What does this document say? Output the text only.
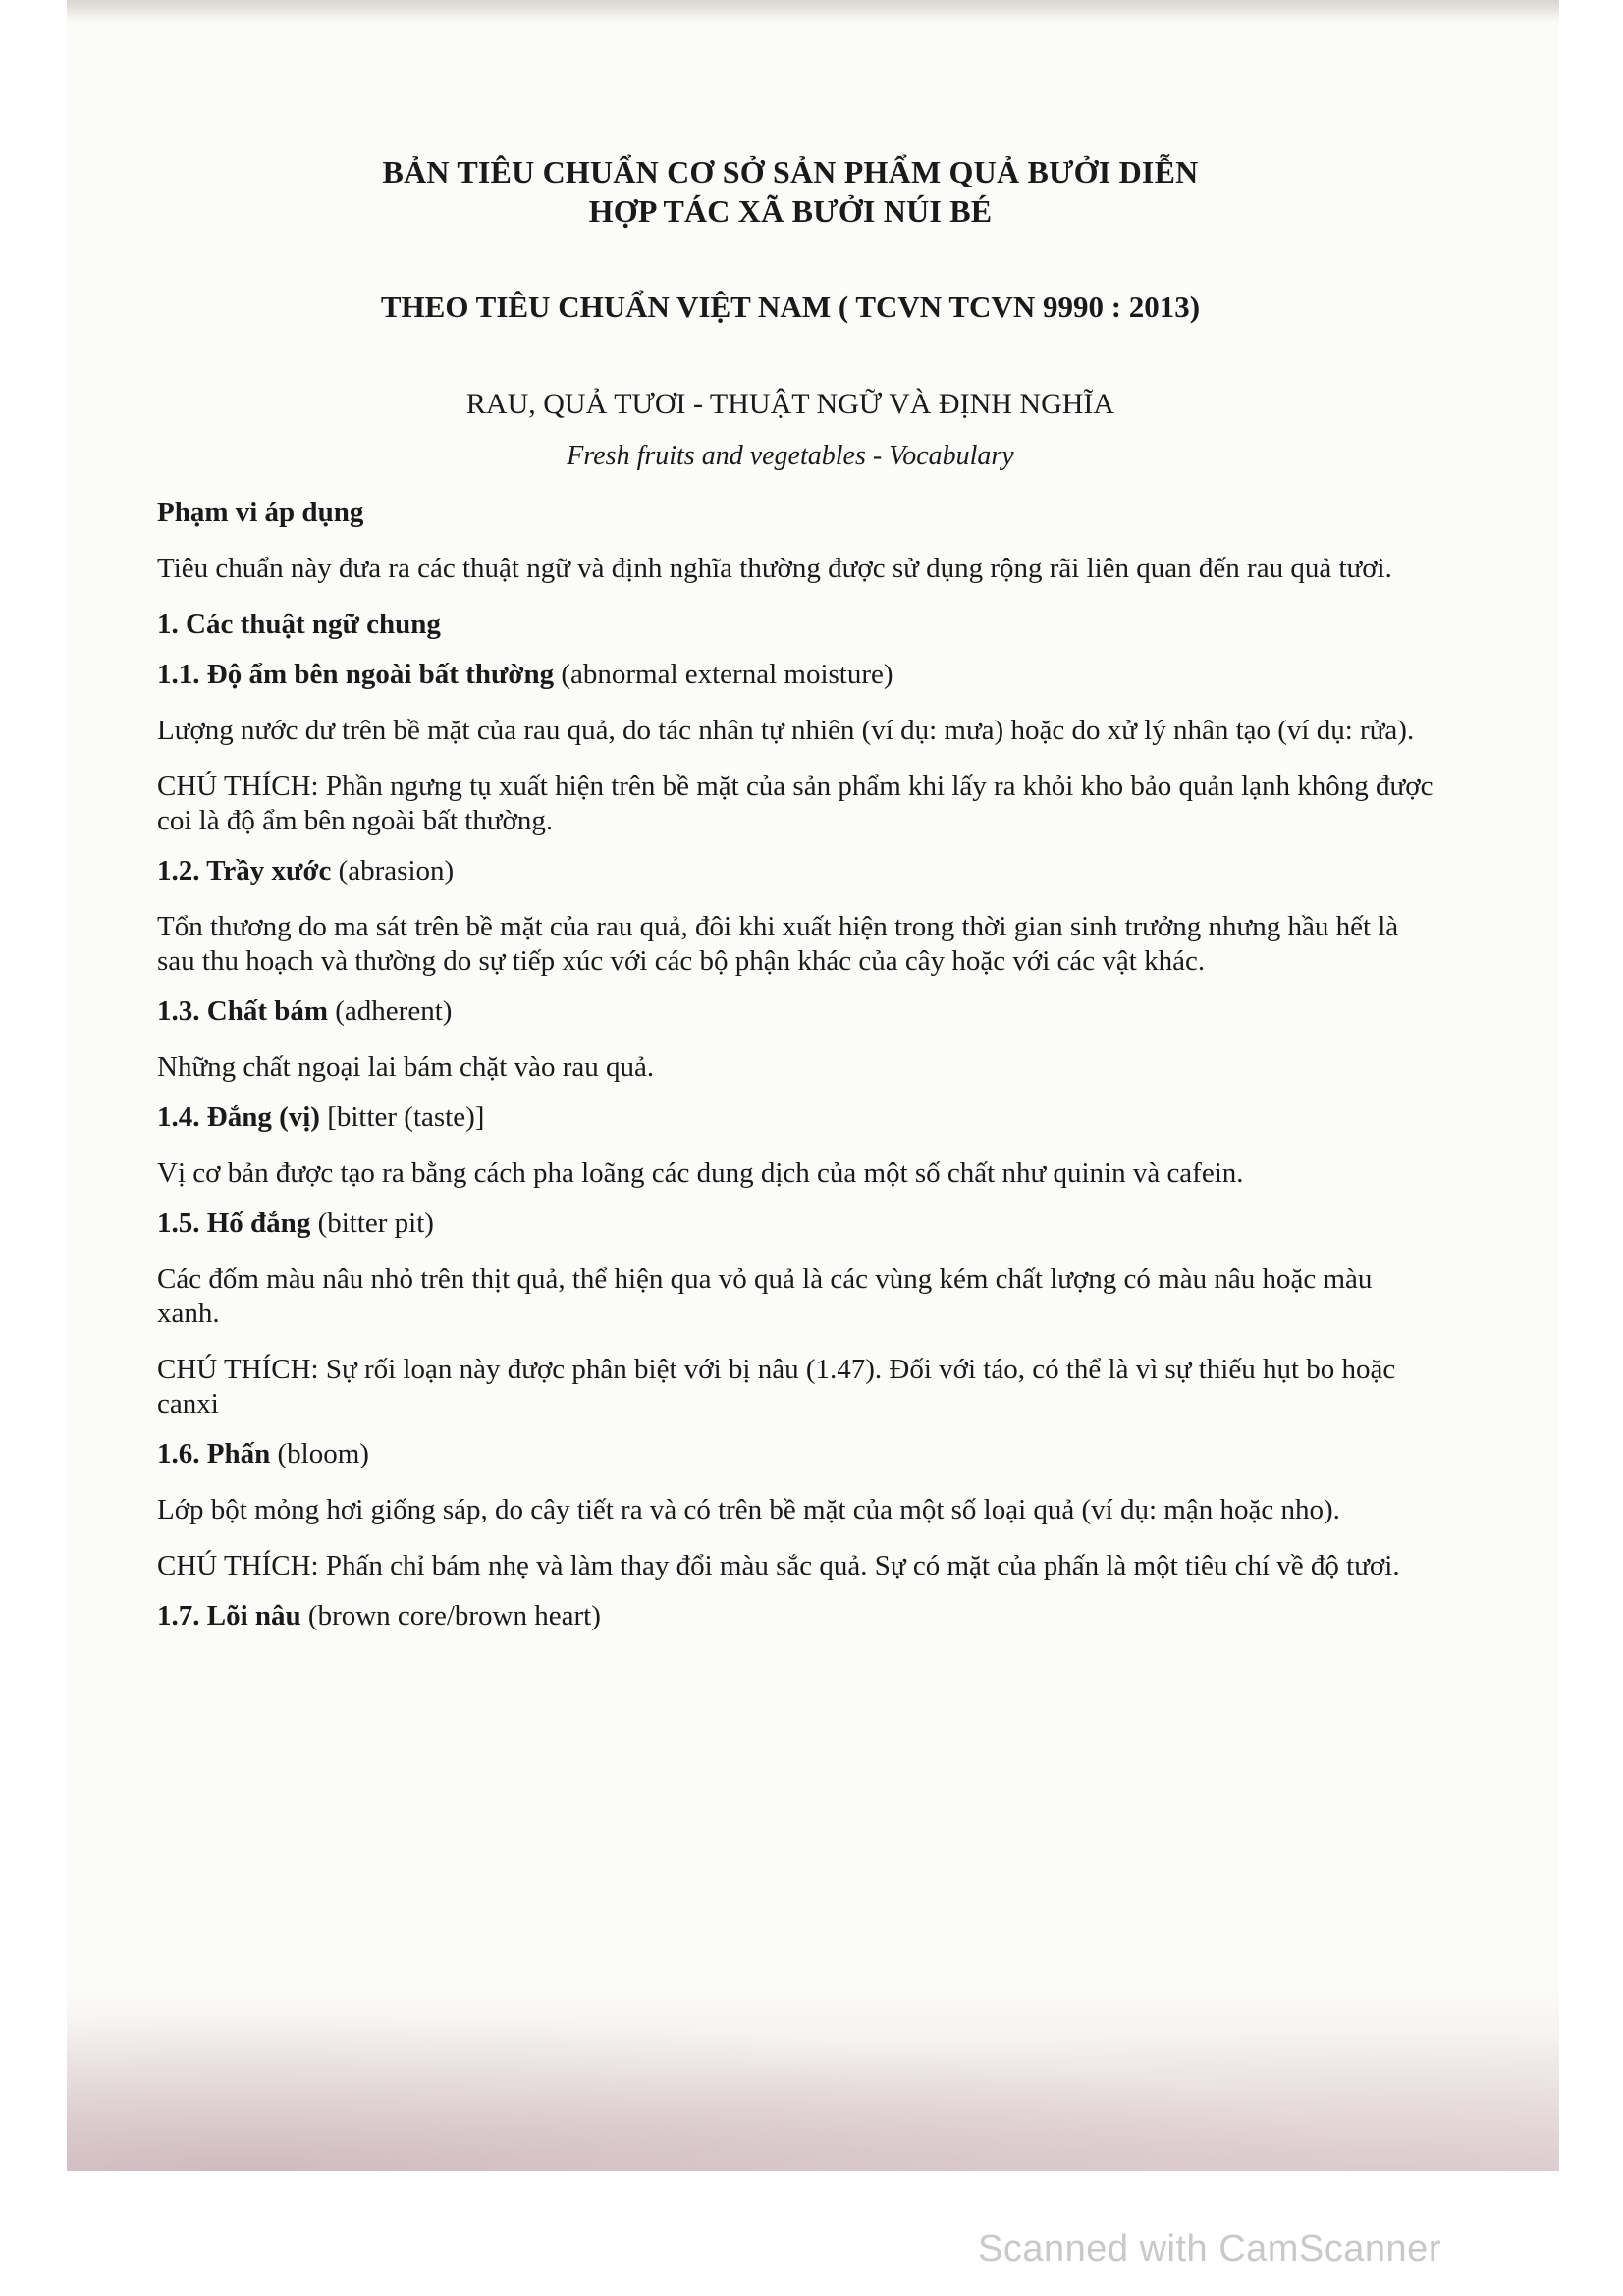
BẢN TIÊU CHUẨN CƠ SỞ SẢN PHẨM QUẢ BƯỞI DIỄN
HỢP TÁC XÃ BƯỞI NÚI BÉ
THEO TIÊU CHUẨN VIỆT NAM ( TCVN TCVN 9990 : 2013)
RAU, QUẢ TƯƠI - THUẬT NGỮ VÀ ĐỊNH NGHĨA
Fresh fruits and vegetables - Vocabulary

Phạm vi áp dụng

Tiêu chuẩn này đưa ra các thuật ngữ và định nghĩa thường được sử dụng rộng rãi liên quan đến rau quả tươi.

1. Các thuật ngữ chung

1.1. Độ ẩm bên ngoài bất thường (abnormal external moisture)

Lượng nước dư trên bề mặt của rau quả, do tác nhân tự nhiên (ví dụ: mưa) hoặc do xử lý nhân tạo (ví dụ: rửa).

CHÚ THÍCH: Phần ngưng tụ xuất hiện trên bề mặt của sản phẩm khi lấy ra khỏi kho bảo quản lạnh không được coi là độ ẩm bên ngoài bất thường.

1.2. Trầy xước (abrasion)

Tổn thương do ma sát trên bề mặt của rau quả, đôi khi xuất hiện trong thời gian sinh trưởng nhưng hầu hết là sau thu hoạch và thường do sự tiếp xúc với các bộ phận khác của cây hoặc với các vật khác.

1.3. Chất bám (adherent)

Những chất ngoại lai bám chặt vào rau quả.

1.4. Đắng (vị) [bitter (taste)]

Vị cơ bản được tạo ra bằng cách pha loãng các dung dịch của một số chất như quinin và cafein.

1.5. Hố đắng (bitter pit)

Các đốm màu nâu nhỏ trên thịt quả, thể hiện qua vỏ quả là các vùng kém chất lượng có màu nâu hoặc màu xanh.

CHÚ THÍCH: Sự rối loạn này được phân biệt với bị nâu (1.47). Đối với táo, có thể là vì sự thiếu hụt bo hoặc canxi

1.6. Phấn (bloom)

Lớp bột mỏng hơi giống sáp, do cây tiết ra và có trên bề mặt của một số loại quả (ví dụ: mận hoặc nho).

CHÚ THÍCH: Phấn chỉ bám nhẹ và làm thay đổi màu sắc quả. Sự có mặt của phấn là một tiêu chí về độ tươi.

1.7. Lõi nâu (brown core/brown heart)

Scanned with CamScanner
